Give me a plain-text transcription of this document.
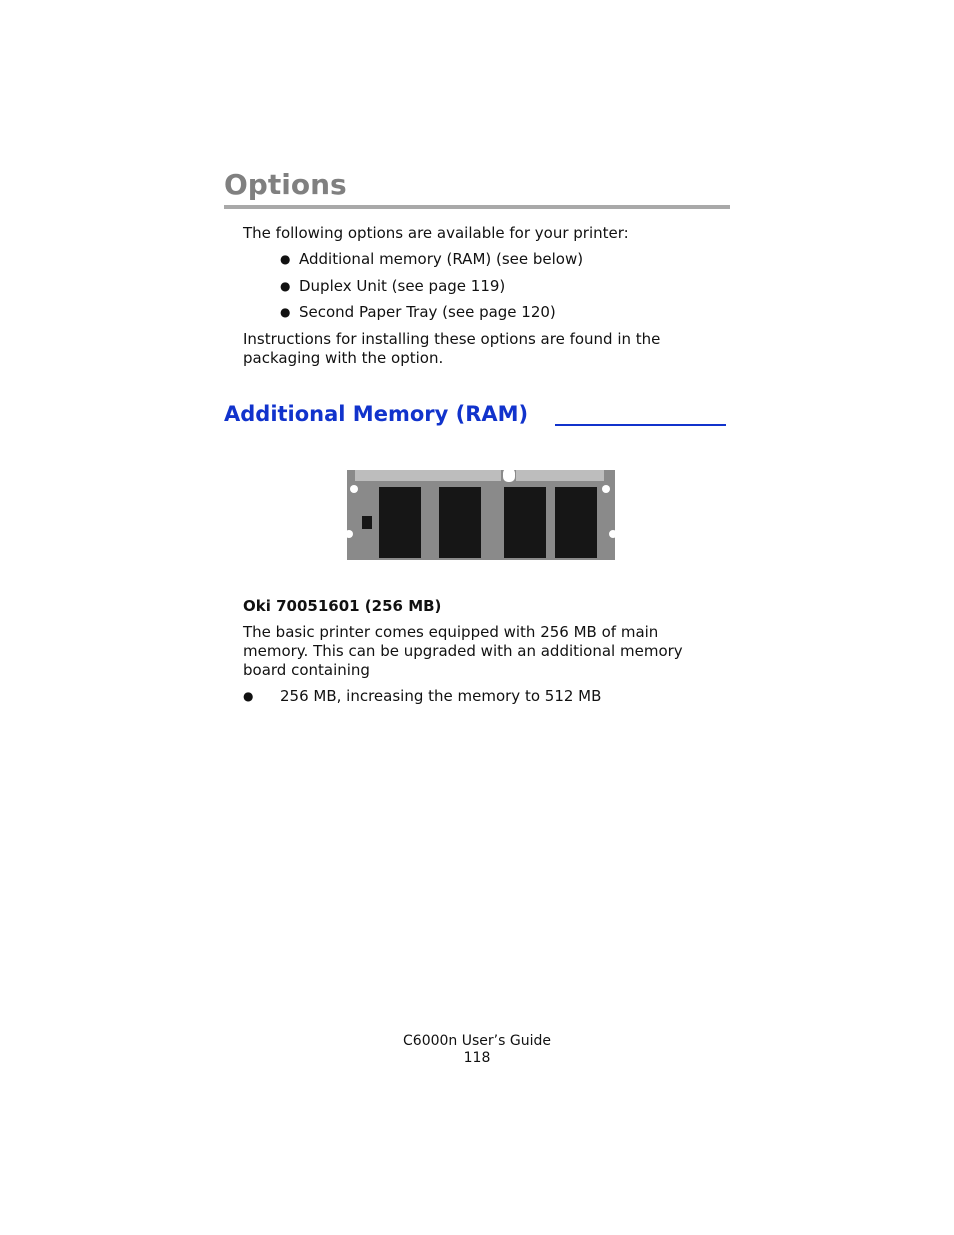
Options

The following options are available for your printer:

● Additional memory (RAM) (see below)
● Duplex Unit (see page 119)
● Second Paper Tray (see page 120)

Instructions for installing these options are found in the packaging with the option.

Additional Memory (RAM)

Oki 70051601 (256 MB)

The basic printer comes equipped with 256 MB of main memory. This can be upgraded with an additional memory board containing

●	256 MB, increasing the memory to 512 MB
C6000n User’s Guide
118
